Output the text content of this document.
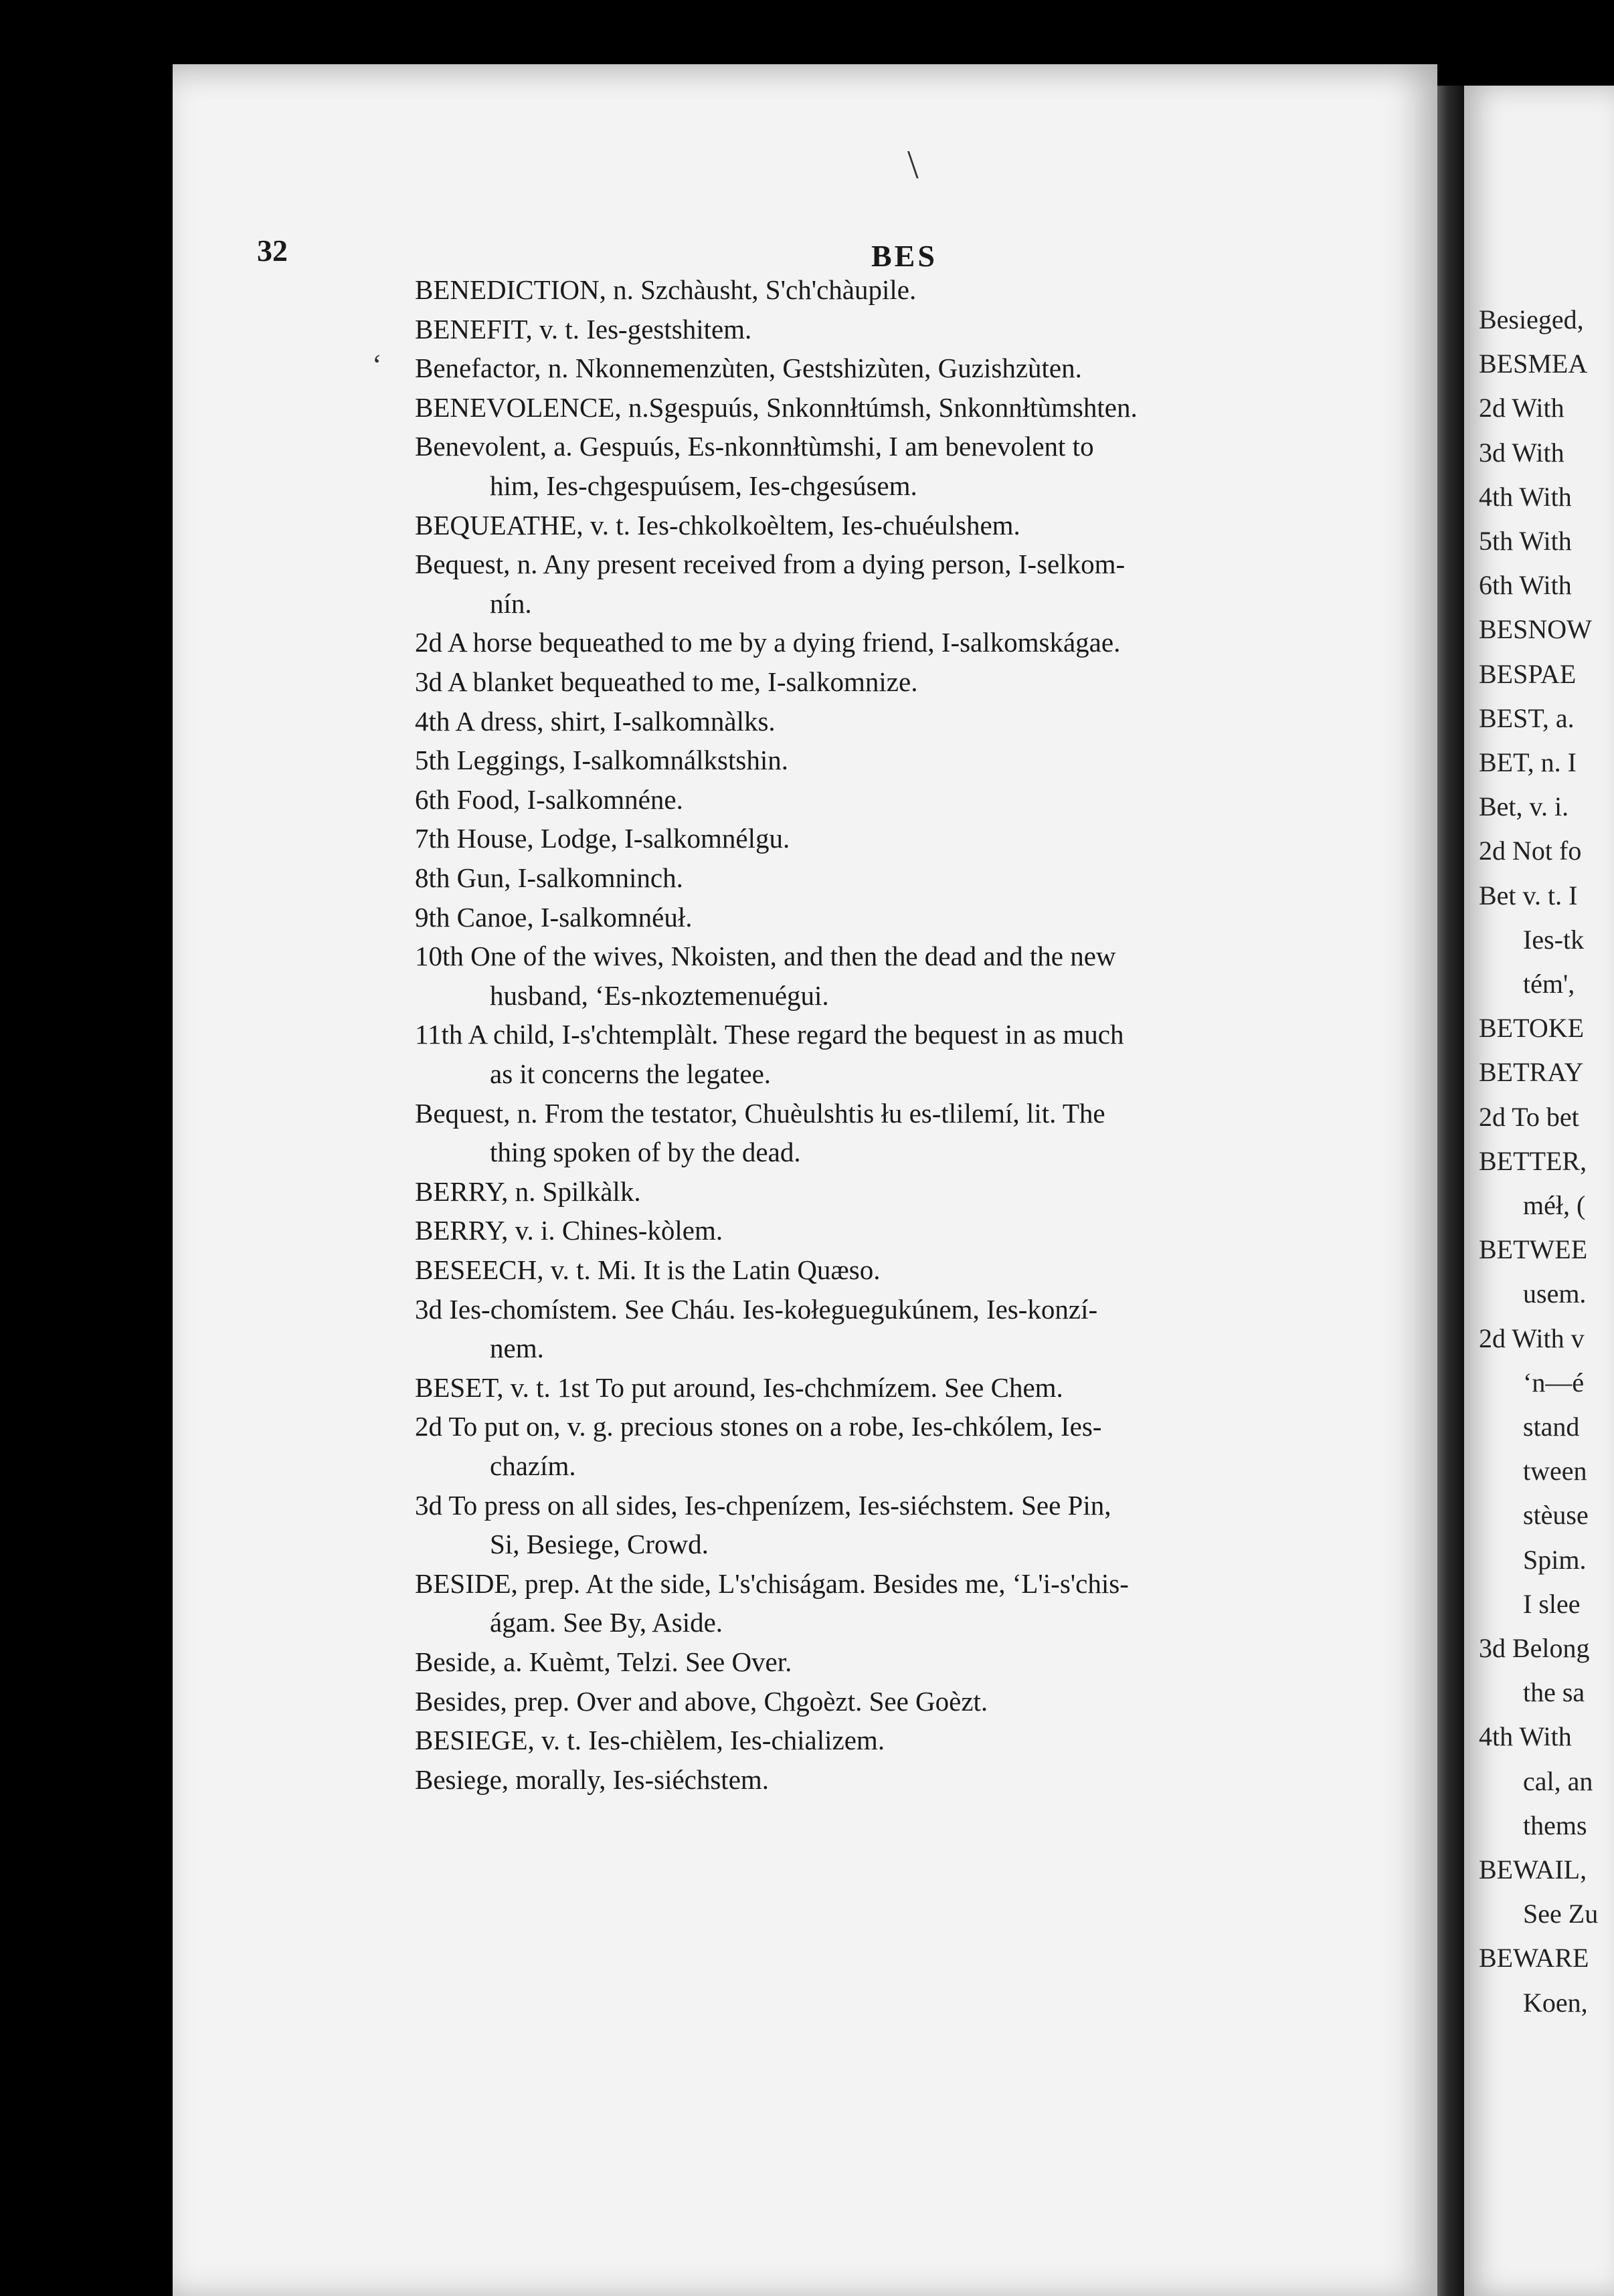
Besieged,
BESMEA
2d With
3d With
4th With
5th With
6th With
BESNOW
BESPAE
BEST, a.
BET, n. I
Bet, v. i.
2d Not fo
Bet v. t. I
Ies-tk
tém',
BETOKE
BETRAY
2d To bet
BETTER,
méł, (
BETWEE
usem.
2d With v
‘n—é
stand
tween
stèuse
Spim.
I slee
3d Belong
the sa
4th With
cal, an
thems
BEWAIL,
See Zu
BEWARE
Koen,
\
‘
32	BES
BENEDICTION, n. Szchàusht, S'ch'chàupile.
BENEFIT, v. t. Ies-gestshitem.
Benefactor, n. Nkonnemenzùten, Gestshizùten, Guzishzùten.
BENEVOLENCE, n.Sgespuús, Snkonnłtúmsh, Snkonnłtùmshten.
Benevolent, a. Gespuús, Es-nkonnłtùmshi, I am benevolent to
him, Ies-chgespuúsem, Ies-chgesúsem.
BEQUEATHE, v. t. Ies-chkolkoèltem, Ies-chuéulshem.
Bequest, n. Any present received from a dying person, I-selkom-
nín.
2d A horse bequeathed to me by a dying friend, I-salkomskágae.
3d A blanket bequeathed to me, I-salkomnize.
4th A dress, shirt, I-salkomnàlks.
5th Leggings, I-salkomnálkstshin.
6th Food, I-salkomnéne.
7th House, Lodge, I-salkomnélgu.
8th Gun, I-salkomninch.
9th Canoe, I-salkomnéuł.
10th One of the wives, Nkoisten, and then the dead and the new
husband, ‘Es-nkoztemenuégui.
11th A child, I-s'chtemplàlt. These regard the bequest in as much
as it concerns the legatee.
Bequest, n. From the testator, Chuèulshtis łu es-tlilemí, lit. The
thing spoken of by the dead.
BERRY, n. Spilkàlk.
BERRY, v. i. Chines-kòlem.
BESEECH, v. t. Mi. It is the Latin Quæso.
3d Ies-chomístem. See Cháu. Ies-kołeguegukúnem, Ies-konzí-
nem.
BESET, v. t. 1st To put around, Ies-chchmízem. See Chem.
2d To put on, v. g. precious stones on a robe, Ies-chkólem, Ies-
chazím.
3d To press on all sides, Ies-chpenízem, Ies-siéchstem. See Pin,
Si, Besiege, Crowd.
BESIDE, prep. At the side, L's'chiságam. Besides me, ‘L'i-s'chis-
ágam. See By, Aside.
Beside, a. Kuèmt, Telzi. See Over.
Besides, prep. Over and above, Chgoèzt. See Goèzt.
BESIEGE, v. t. Ies-chièlem, Ies-chializem.
Besiege, morally, Ies-siéchstem.
